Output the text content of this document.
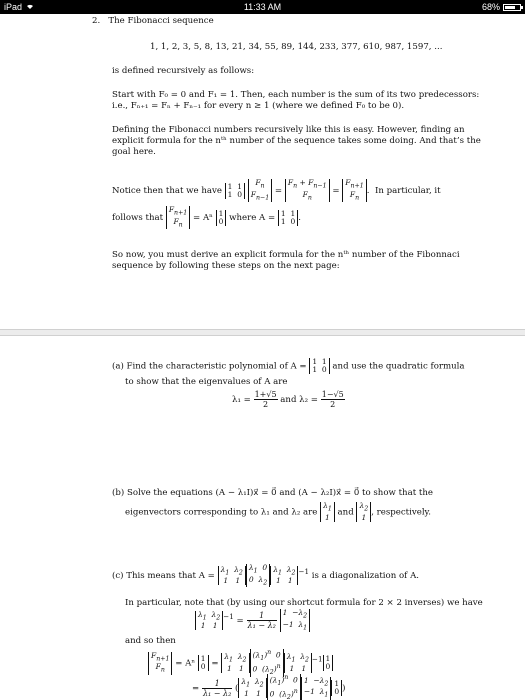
iPad	11:33 AM	68%
2. The Fibonacci sequence
1, 1, 2, 3, 5, 8, 13, 21, 34, 55, 89, 144, 233, 377, 610, 987, 1597, ...
is defined recursively as follows:
Start with F₀ = 0 and F₁ = 1. Then, each number is the sum of its two predecessors:
i.e., Fₙ₊₁ = Fₙ + Fₙ₋₁ for every n ≥ 1 (where we defined F₀ to be 0).
Defining the Fibonacci numbers recursively like this is easy. However, finding an
explicit formula for the nᵗʰ number of the sequence takes some doing. And that’s the
goal here.
Notice then that we have 1  1
1  0

$F_n$
$F_{n-1}$
=
$F_n + F_{n-1}$
$F_n$
=
$F_{n+1}$
$F_n$
.  In particular, it
follows that
$F_{n+1}$
$F_n$
= Aⁿ 1
0 where A = 1  1
1  0 .
So now, you must derive an explicit formula for the nᵗʰ number of the Fibonnaci
sequence by following these steps on the next page:
(a) Find the characteristic polynomial of A = 1  1
1  0 and use the quadratic formula
to show that the eigenvalues of A are
$\lambda_1 = \frac{1+√5}{2}$ and $\lambda_2 = \frac{1-√5}{2}$
(b) Solve the equations (A − λ₁I)x⃗ = 0⃗ and (A − λ₂I)x⃗ = 0⃗ to show that the
eigenvectors corresponding to λ₁ and λ₂ are
$\lambda_1$
1 and
$\lambda_2$
1 , respectively.
(c) This means that A =
$\lambda_1$  $\lambda_2$
1   1
$\lambda_1$  0
0  $\lambda_2$
$\lambda_1$  $\lambda_2$
1   1
$^{-1}$ is a diagonalization of A.
In particular, note that (by using our shortcut formula for 2 × 2 inverses) we have
$\lambda_1$  $\lambda_2$
1   1
$^{-1} = \frac{1}{\text{λ₁ − λ₂}}$
$1 -\lambda_2$
−1  $\lambda_1$
and so then
$F_{n+1}$
$F_n$
= Aⁿ 1
0 =
$\lambda_1$  $\lambda_2$
1   1
$(\lambda_1)^n$  0
0  $(\lambda_2)^n$
$\lambda_1$  $\lambda_2$
1   1
$^{-1}$ 1
0
= $\frac{1}{\text{λ₁ − λ₂}}$ (
$\lambda_1$  $\lambda_2$
1   1
$(\lambda_1)^n$  0
0  $(\lambda_2)^n$
$1 -\lambda_2$
−1  $\lambda_1$
1
0 )
